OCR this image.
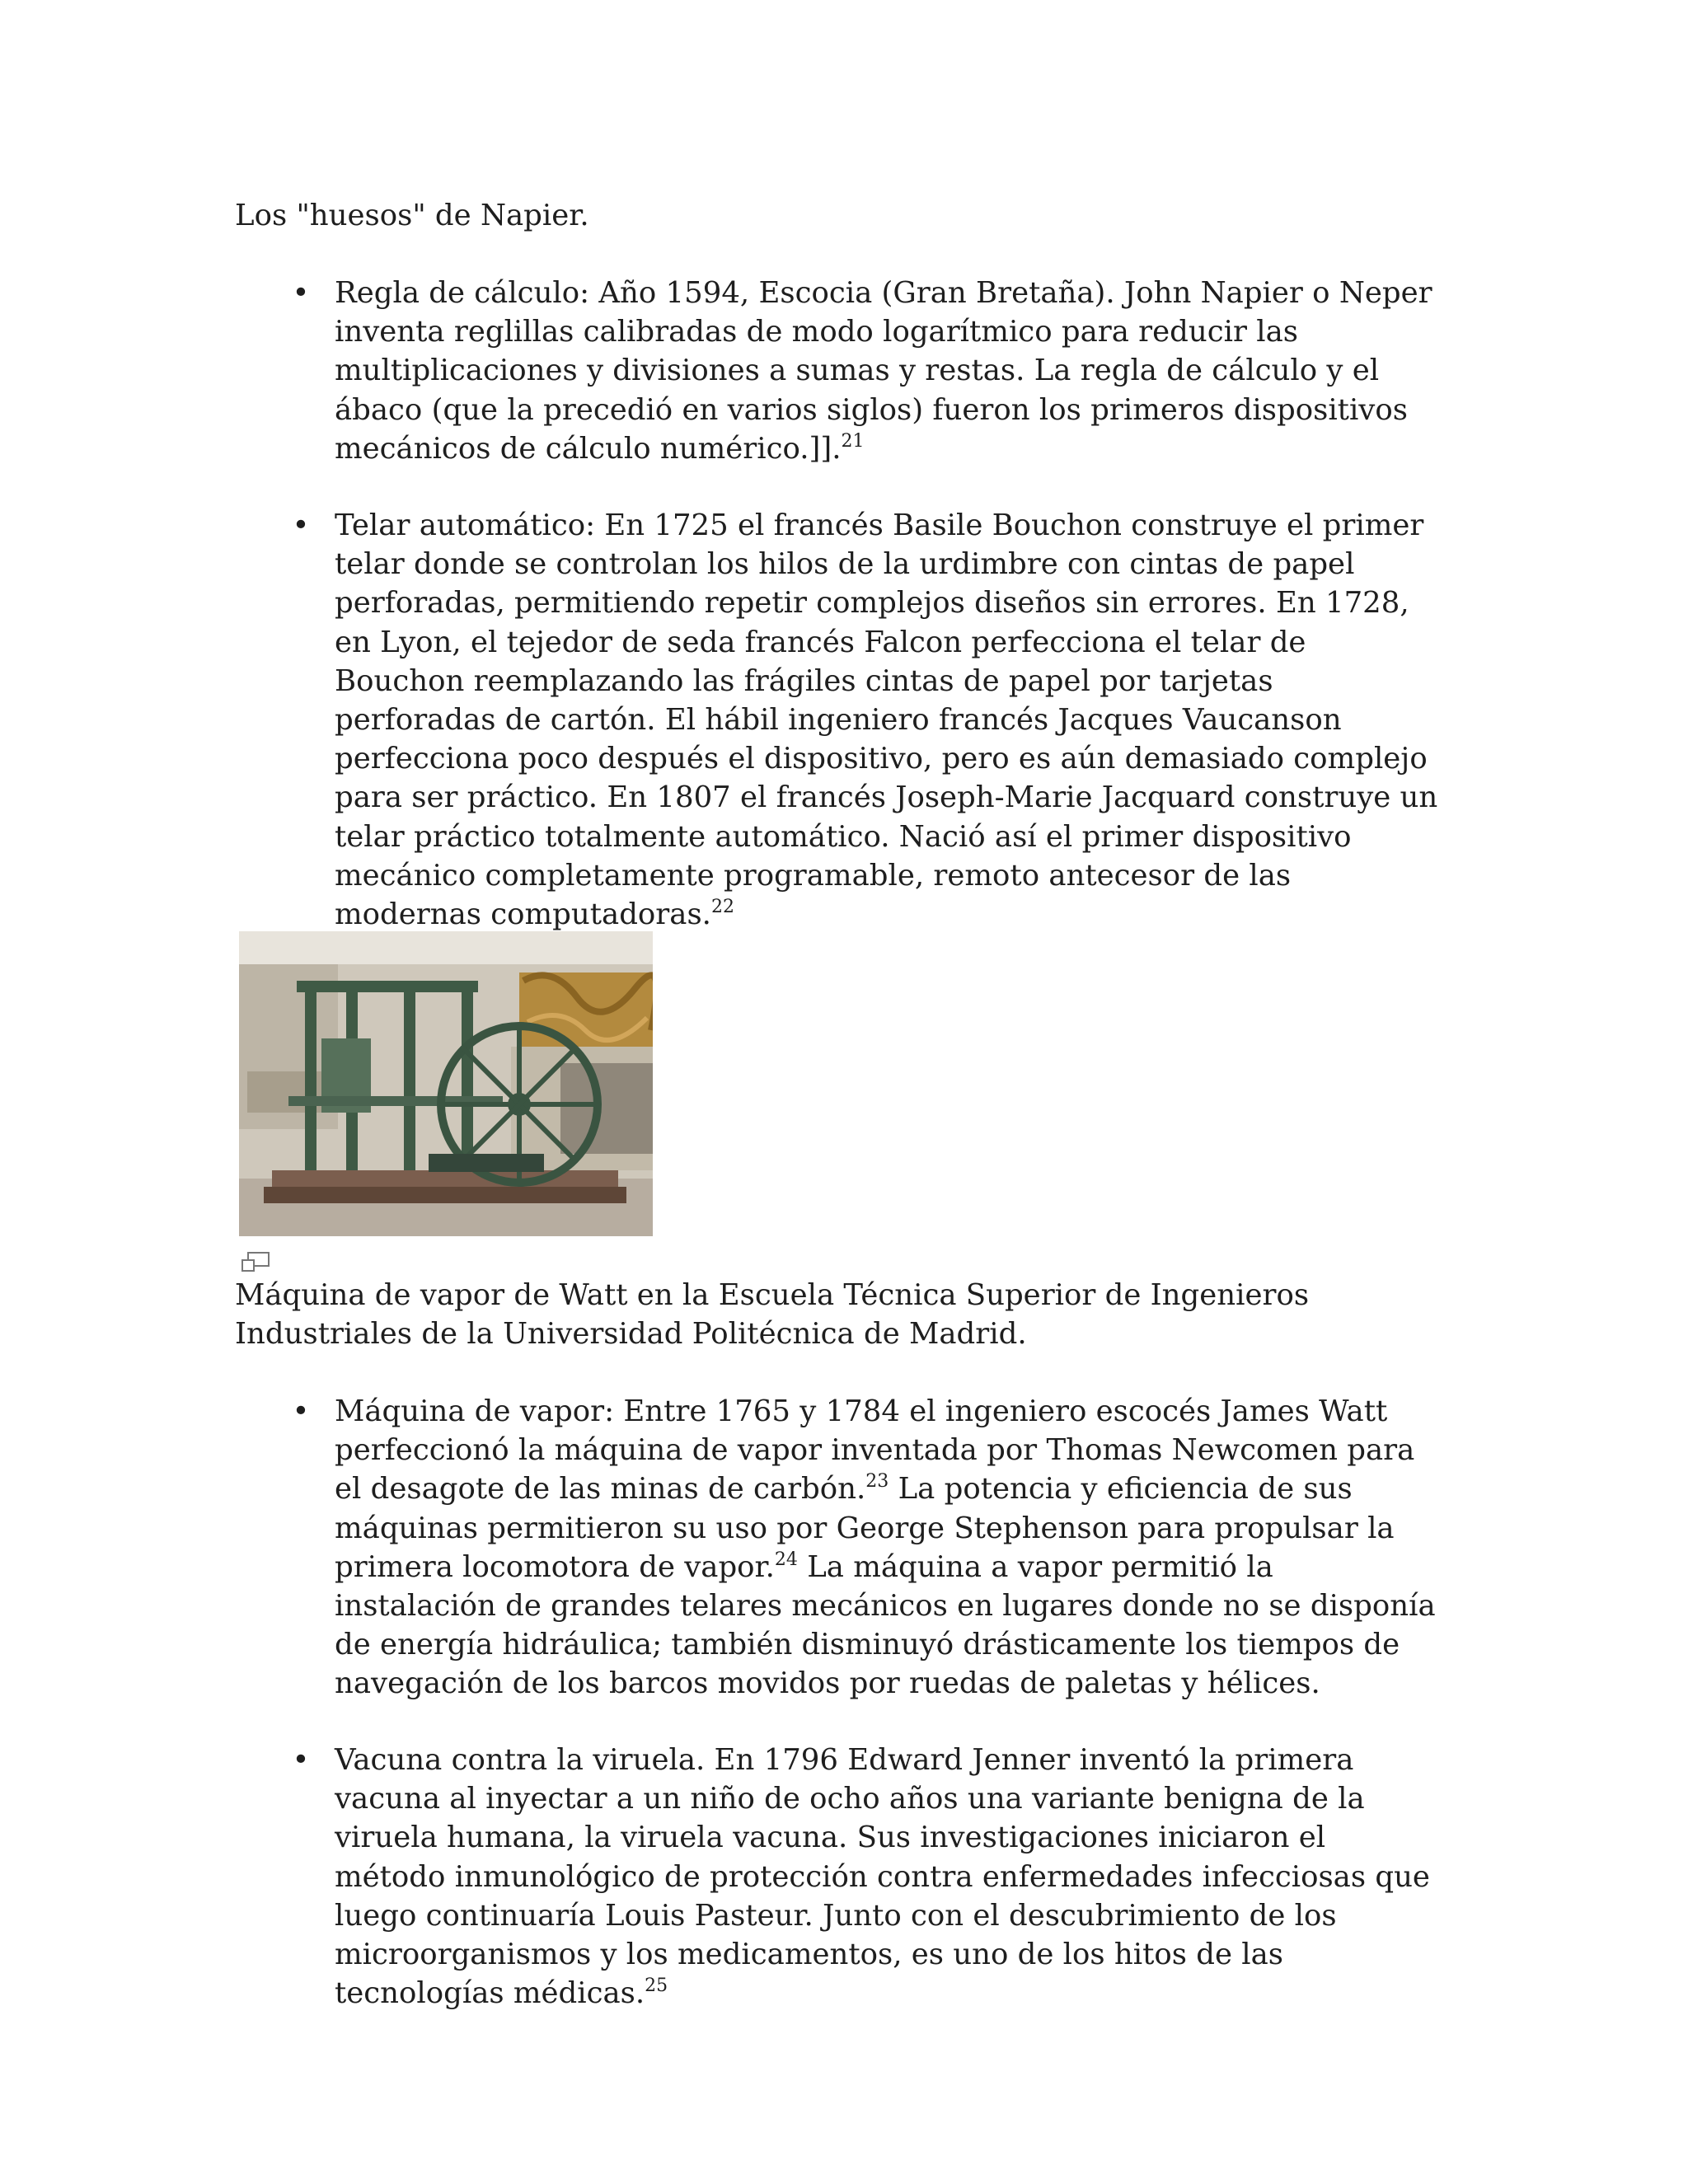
Los "huesos" de Napier.

• Regla de cálculo: Año 1594, Escocia (Gran Bretaña). John Napier o Neper inventa reglillas calibradas de modo logarítmico para reducir las multiplicaciones y divisiones a sumas y restas. La regla de cálculo y el ábaco (que la precedió en varios siglos) fueron los primeros dispositivos mecánicos de cálculo numérico.]].$^{21}$
• Telar automático: En 1725 el francés Basile Bouchon construye el primer telar donde se controlan los hilos de la urdimbre con cintas de papel perforadas, permitiendo repetir complejos diseños sin errores. En 1728, en Lyon, el tejedor de seda francés Falcon perfecciona el telar de Bouchon reemplazando las frágiles cintas de papel por tarjetas perforadas de cartón. El hábil ingeniero francés Jacques Vaucanson perfecciona poco después el dispositivo, pero es aún demasiado complejo para ser práctico. En 1807 el francés Joseph-Marie Jacquard construye un telar práctico totalmente automático. Nació así el primer dispositivo mecánico completamente programable, remoto antecesor de las modernas computadoras.$^{22}$

Máquina de vapor de Watt en la Escuela Técnica Superior de Ingenieros Industriales de la Universidad Politécnica de Madrid.

• Máquina de vapor: Entre 1765 y 1784 el ingeniero escocés James Watt perfeccionó la máquina de vapor inventada por Thomas Newcomen para el desagote de las minas de carbón.$^{23}$ La potencia y eficiencia de sus máquinas permitieron su uso por George Stephenson para propulsar la primera locomotora de vapor.$^{24}$ La máquina a vapor permitió la instalación de grandes telares mecánicos en lugares donde no se disponía de energía hidráulica; también disminuyó drásticamente los tiempos de navegación de los barcos movidos por ruedas de paletas y hélices.
• Vacuna contra la viruela. En 1796 Edward Jenner inventó la primera vacuna al inyectar a un niño de ocho años una variante benigna de la viruela humana, la viruela vacuna. Sus investigaciones iniciaron el método inmunológico de protección contra enfermedades infecciosas que luego continuaría Louis Pasteur. Junto con el descubrimiento de los microorganismos y los medicamentos, es uno de los hitos de las tecnologías médicas.$^{25}$
